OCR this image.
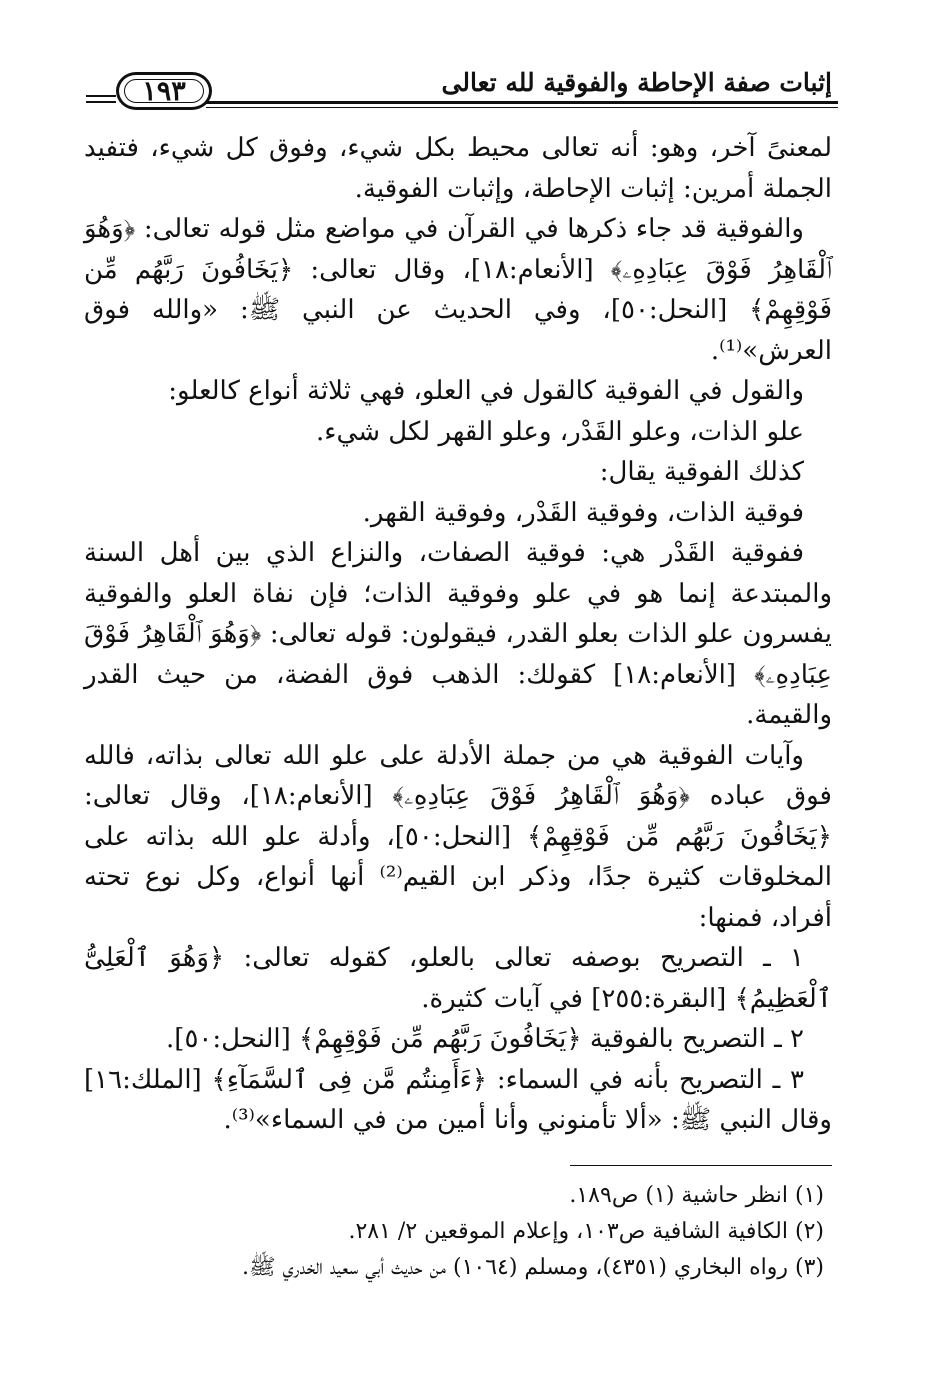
إثبات صفة الإحاطة والفوقية لله تعالى
١٩٣

لمعنىً آخر، وهو: أنه تعالى محيط بكل شيء، وفوق كل شيء، فتفيد الجملة أمرين: إثبات الإحاطة، وإثبات الفوقية.

والفوقية قد جاء ذكرها في القرآن في مواضع مثل قوله تعالى: ﴿وَهُوَ ٱلْقَاهِرُ فَوْقَ عِبَادِهِۦ﴾ [الأنعام:١٨]، وقال تعالى: ﴿يَخَافُونَ رَبَّهُم مِّن فَوْقِهِمْ﴾ [النحل:٥٠]، وفي الحديث عن النبي ﷺ: «والله فوق العرش»⁽¹⁾.

والقول في الفوقية كالقول في العلو، فهي ثلاثة أنواع كالعلو:

علو الذات، وعلو القَدْر، وعلو القهر لكل شيء.

كذلك الفوقية يقال:

فوقية الذات، وفوقية القَدْر، وفوقية القهر.

ففوقية القَدْر هي: فوقية الصفات، والنزاع الذي بين أهل السنة والمبتدعة إنما هو في علو وفوقية الذات؛ فإن نفاة العلو والفوقية يفسرون علو الذات بعلو القدر، فيقولون: قوله تعالى: ﴿وَهُوَ ٱلْقَاهِرُ فَوْقَ عِبَادِهِۦ﴾ [الأنعام:١٨] كقولك: الذهب فوق الفضة، من حيث القدر والقيمة.

وآيات الفوقية هي من جملة الأدلة على علو الله تعالى بذاته، فالله فوق عباده ﴿وَهُوَ ٱلْقَاهِرُ فَوْقَ عِبَادِهِۦ﴾ [الأنعام:١٨]، وقال تعالى: ﴿يَخَافُونَ رَبَّهُم مِّن فَوْقِهِمْ﴾ [النحل:٥٠]، وأدلة علو الله بذاته على المخلوقات كثيرة جدًا، وذكر ابن القيم⁽²⁾ أنها أنواع، وكل نوع تحته أفراد، فمنها:

١ ـ التصريح بوصفه تعالى بالعلو، كقوله تعالى: ﴿وَهُوَ ٱلْعَلِىُّ ٱلْعَظِيمُ﴾ [البقرة:٢٥٥] في آيات كثيرة.

٢ ـ التصريح بالفوقية ﴿يَخَافُونَ رَبَّهُم مِّن فَوْقِهِمْ﴾ [النحل:٥٠].

٣ ـ التصريح بأنه في السماء: ﴿ءَأَمِنتُم مَّن فِى ٱلسَّمَآءِ﴾ [الملك:١٦] وقال النبي ﷺ: «ألا تأمنوني وأنا أمين من في السماء»⁽³⁾.

(١) انظر حاشية (١) ص١٨٩.

(٢) الكافية الشافية ص١٠٣، وإعلام الموقعين ٢/ ٢٨١.

(٣) رواه البخاري (٤٣٥١)، ومسلم (١٠٦٤) من حديث أبي سعيد الخدري ﷺ.
